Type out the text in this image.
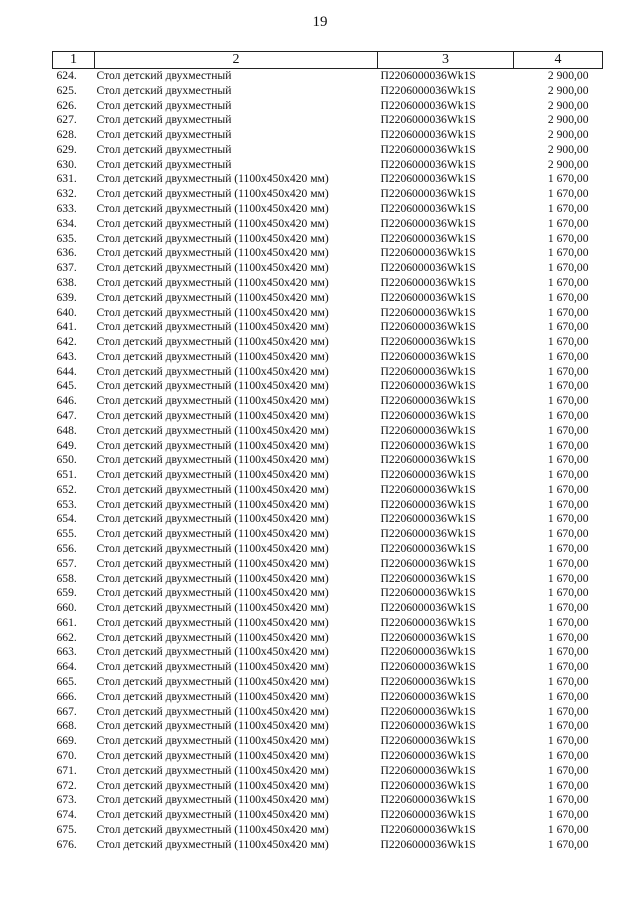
19
1	2	3	4
624.	Стол детский двухместный	П2206000036Wk1S	2 900,00
625.	Стол детский двухместный	П2206000036Wk1S	2 900,00
626.	Стол детский двухместный	П2206000036Wk1S	2 900,00
627.	Стол детский двухместный	П2206000036Wk1S	2 900,00
628.	Стол детский двухместный	П2206000036Wk1S	2 900,00
629.	Стол детский двухместный	П2206000036Wk1S	2 900,00
630.	Стол детский двухместный	П2206000036Wk1S	2 900,00
631.	Стол детский двухместный (1100x450x420 мм)	П2206000036Wk1S	1 670,00
632.	Стол детский двухместный (1100x450x420 мм)	П2206000036Wk1S	1 670,00
633.	Стол детский двухместный (1100x450x420 мм)	П2206000036Wk1S	1 670,00
634.	Стол детский двухместный (1100x450x420 мм)	П2206000036Wk1S	1 670,00
635.	Стол детский двухместный (1100x450x420 мм)	П2206000036Wk1S	1 670,00
636.	Стол детский двухместный (1100x450x420 мм)	П2206000036Wk1S	1 670,00
637.	Стол детский двухместный (1100x450x420 мм)	П2206000036Wk1S	1 670,00
638.	Стол детский двухместный (1100x450x420 мм)	П2206000036Wk1S	1 670,00
639.	Стол детский двухместный (1100x450x420 мм)	П2206000036Wk1S	1 670,00
640.	Стол детский двухместный (1100x450x420 мм)	П2206000036Wk1S	1 670,00
641.	Стол детский двухместный (1100x450x420 мм)	П2206000036Wk1S	1 670,00
642.	Стол детский двухместный (1100x450x420 мм)	П2206000036Wk1S	1 670,00
643.	Стол детский двухместный (1100x450x420 мм)	П2206000036Wk1S	1 670,00
644.	Стол детский двухместный (1100x450x420 мм)	П2206000036Wk1S	1 670,00
645.	Стол детский двухместный (1100x450x420 мм)	П2206000036Wk1S	1 670,00
646.	Стол детский двухместный (1100x450x420 мм)	П2206000036Wk1S	1 670,00
647.	Стол детский двухместный (1100x450x420 мм)	П2206000036Wk1S	1 670,00
648.	Стол детский двухместный (1100x450x420 мм)	П2206000036Wk1S	1 670,00
649.	Стол детский двухместный (1100x450x420 мм)	П2206000036Wk1S	1 670,00
650.	Стол детский двухместный (1100x450x420 мм)	П2206000036Wk1S	1 670,00
651.	Стол детский двухместный (1100x450x420 мм)	П2206000036Wk1S	1 670,00
652.	Стол детский двухместный (1100x450x420 мм)	П2206000036Wk1S	1 670,00
653.	Стол детский двухместный (1100x450x420 мм)	П2206000036Wk1S	1 670,00
654.	Стол детский двухместный (1100x450x420 мм)	П2206000036Wk1S	1 670,00
655.	Стол детский двухместный (1100x450x420 мм)	П2206000036Wk1S	1 670,00
656.	Стол детский двухместный (1100x450x420 мм)	П2206000036Wk1S	1 670,00
657.	Стол детский двухместный (1100x450x420 мм)	П2206000036Wk1S	1 670,00
658.	Стол детский двухместный (1100x450x420 мм)	П2206000036Wk1S	1 670,00
659.	Стол детский двухместный (1100x450x420 мм)	П2206000036Wk1S	1 670,00
660.	Стол детский двухместный (1100x450x420 мм)	П2206000036Wk1S	1 670,00
661.	Стол детский двухместный (1100x450x420 мм)	П2206000036Wk1S	1 670,00
662.	Стол детский двухместный (1100x450x420 мм)	П2206000036Wk1S	1 670,00
663.	Стол детский двухместный (1100x450x420 мм)	П2206000036Wk1S	1 670,00
664.	Стол детский двухместный (1100x450x420 мм)	П2206000036Wk1S	1 670,00
665.	Стол детский двухместный (1100x450x420 мм)	П2206000036Wk1S	1 670,00
666.	Стол детский двухместный (1100x450x420 мм)	П2206000036Wk1S	1 670,00
667.	Стол детский двухместный (1100x450x420 мм)	П2206000036Wk1S	1 670,00
668.	Стол детский двухместный (1100x450x420 мм)	П2206000036Wk1S	1 670,00
669.	Стол детский двухместный (1100x450x420 мм)	П2206000036Wk1S	1 670,00
670.	Стол детский двухместный (1100x450x420 мм)	П2206000036Wk1S	1 670,00
671.	Стол детский двухместный (1100x450x420 мм)	П2206000036Wk1S	1 670,00
672.	Стол детский двухместный (1100x450x420 мм)	П2206000036Wk1S	1 670,00
673.	Стол детский двухместный (1100x450x420 мм)	П2206000036Wk1S	1 670,00
674.	Стол детский двухместный (1100x450x420 мм)	П2206000036Wk1S	1 670,00
675.	Стол детский двухместный (1100x450x420 мм)	П2206000036Wk1S	1 670,00
676.	Стол детский двухместный (1100x450x420 мм)	П2206000036Wk1S	1 670,00
